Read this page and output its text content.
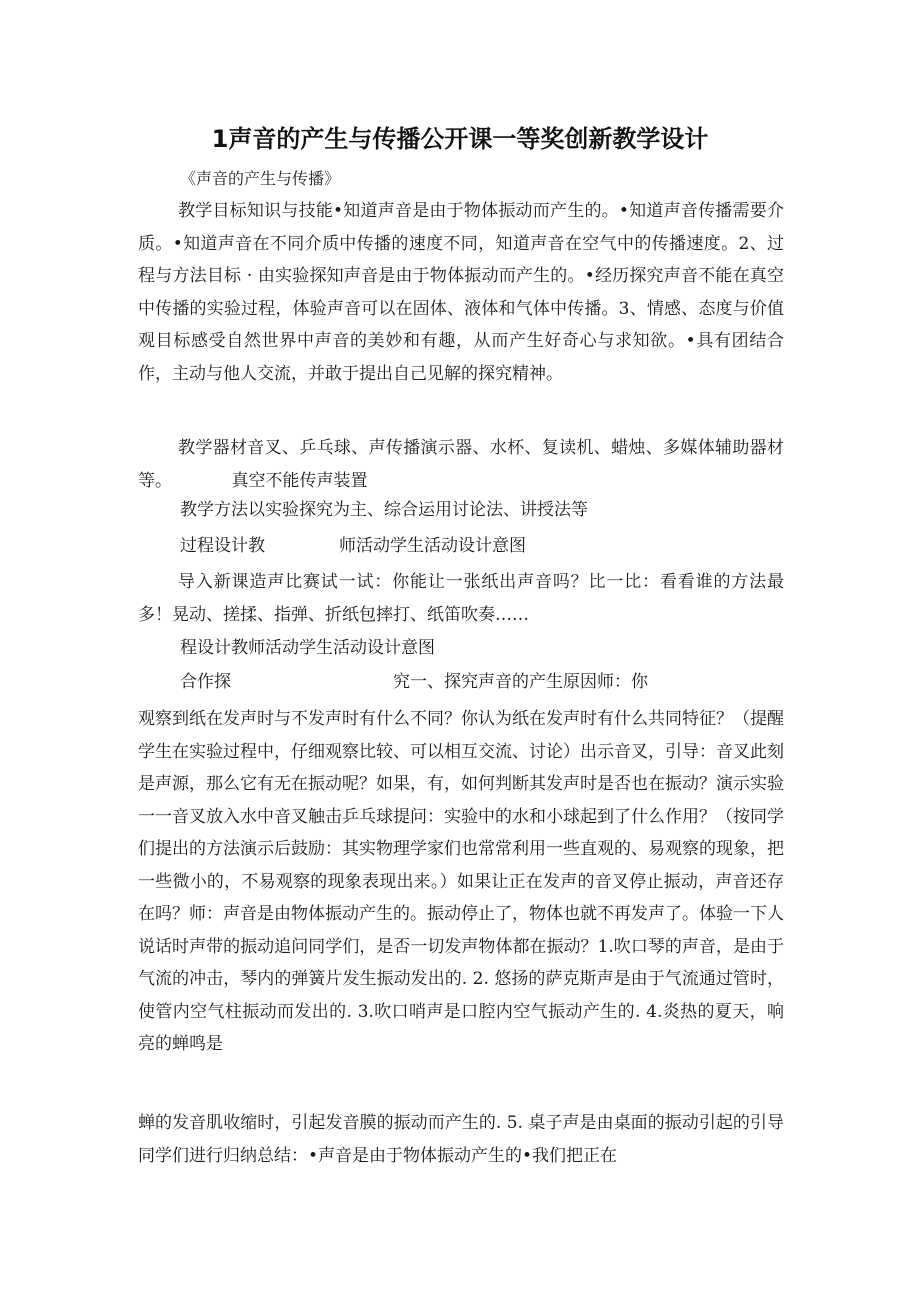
1声音的产生与传播公开课一等奖创新教学设计
《声音的产生与传播》
教学目标知识与技能•知道声音是由于物体振动而产生的。•知道声音传播需要介质。•知道声音在不同介质中传播的速度不同，知道声音在空气中的传播速度。2、过程与方法目标 · 由实验探知声音是由于物体振动而产生的。•经历探究声音不能在真空中传播的实验过程，体验声音可以在固体、液体和气体中传播。3、情感、态度与价值观目标感受自然世界中声音的美妙和有趣，从而产生好奇心与求知欲。•具有团结合作，主动与他人交流，并敢于提出自己见解的探究精神。
教学器材音叉、乒乓球、声传播演示器、水杯、复读机、蜡烛、多媒体辅助器材等。　　　　真空不能传声装置
教学方法以实验探究为主、综合运用讨论法、讲授法等
过程设计教	师活动学生活动设计意图
导入新课造声比赛试一试：你能让一张纸出声音吗？比一比：看看谁的方法最多！晃动、搓揉、指弹、折纸包摔打、纸笛吹奏……
程设计教师活动学生活动设计意图
合作探	究一、探究声音的产生原因师：你
观察到纸在发声时与不发声时有什么不同？你认为纸在发声时有什么共同特征？（提醒学生在实验过程中，仔细观察比较、可以相互交流、讨论）出示音叉，引导：音叉此刻是声源，那么它有无在振动呢？如果，有，如何判断其发声时是否也在振动？演示实验一一音叉放入水中音叉触击乒乓球提问：实验中的水和小球起到了什么作用？（按同学们提出的方法演示后鼓励：其实物理学家们也常常利用一些直观的、易观察的现象，把一些微小的，不易观察的现象表现出来。）如果让正在发声的音叉停止振动，声音还存在吗？师：声音是由物体振动产生的。振动停止了，物体也就不再发声了。体验一下人说话时声带的振动追问同学们，是否一切发声物体都在振动？1.吹口琴的声音，是由于气流的冲击，琴内的弹簧片发生振动发出的. 2. 悠扬的萨克斯声是由于气流通过管时，使管内空气柱振动而发出的. 3.吹口哨声是口腔内空气振动产生的. 4.炎热的夏天，响亮的蝉鸣是
蝉的发音肌收缩时，引起发音膜的振动而产生的. 5. 桌子声是由桌面的振动引起的引导同学们进行归纳总结：•声音是由于物体振动产生的•我们把正在
